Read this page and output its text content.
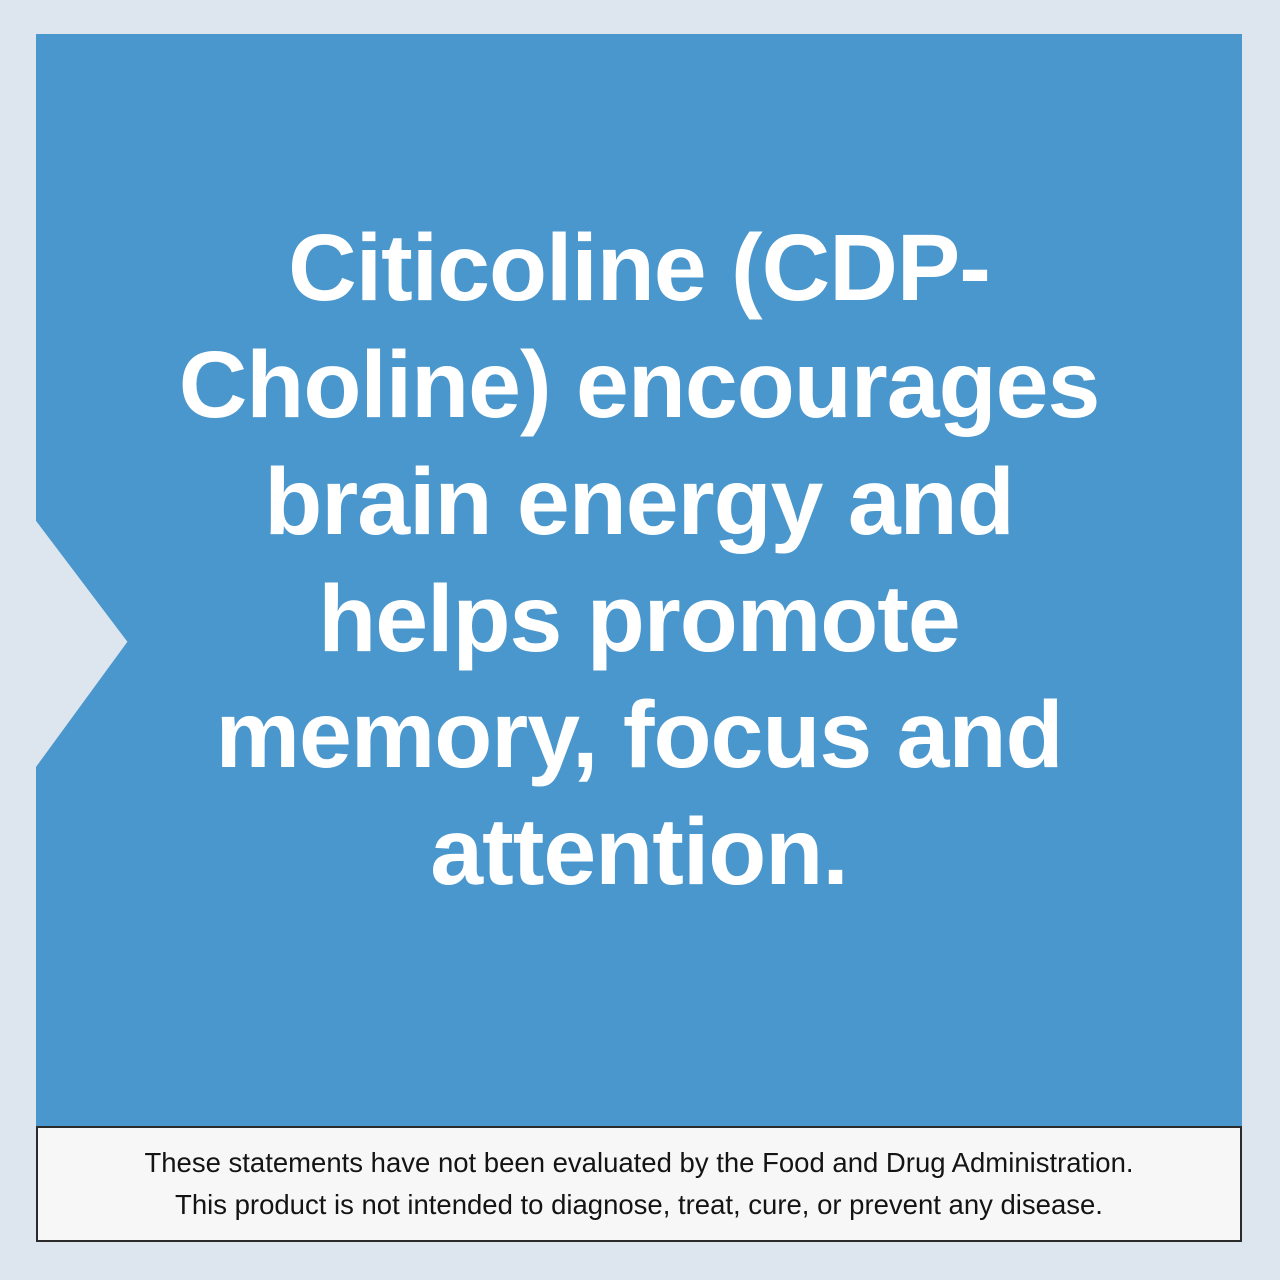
Citicoline (CDP-Choline) encourages brain energy and helps promote memory, focus and attention.
These statements have not been evaluated by the Food and Drug Administration.
This product is not intended to diagnose, treat, cure, or prevent any disease.
